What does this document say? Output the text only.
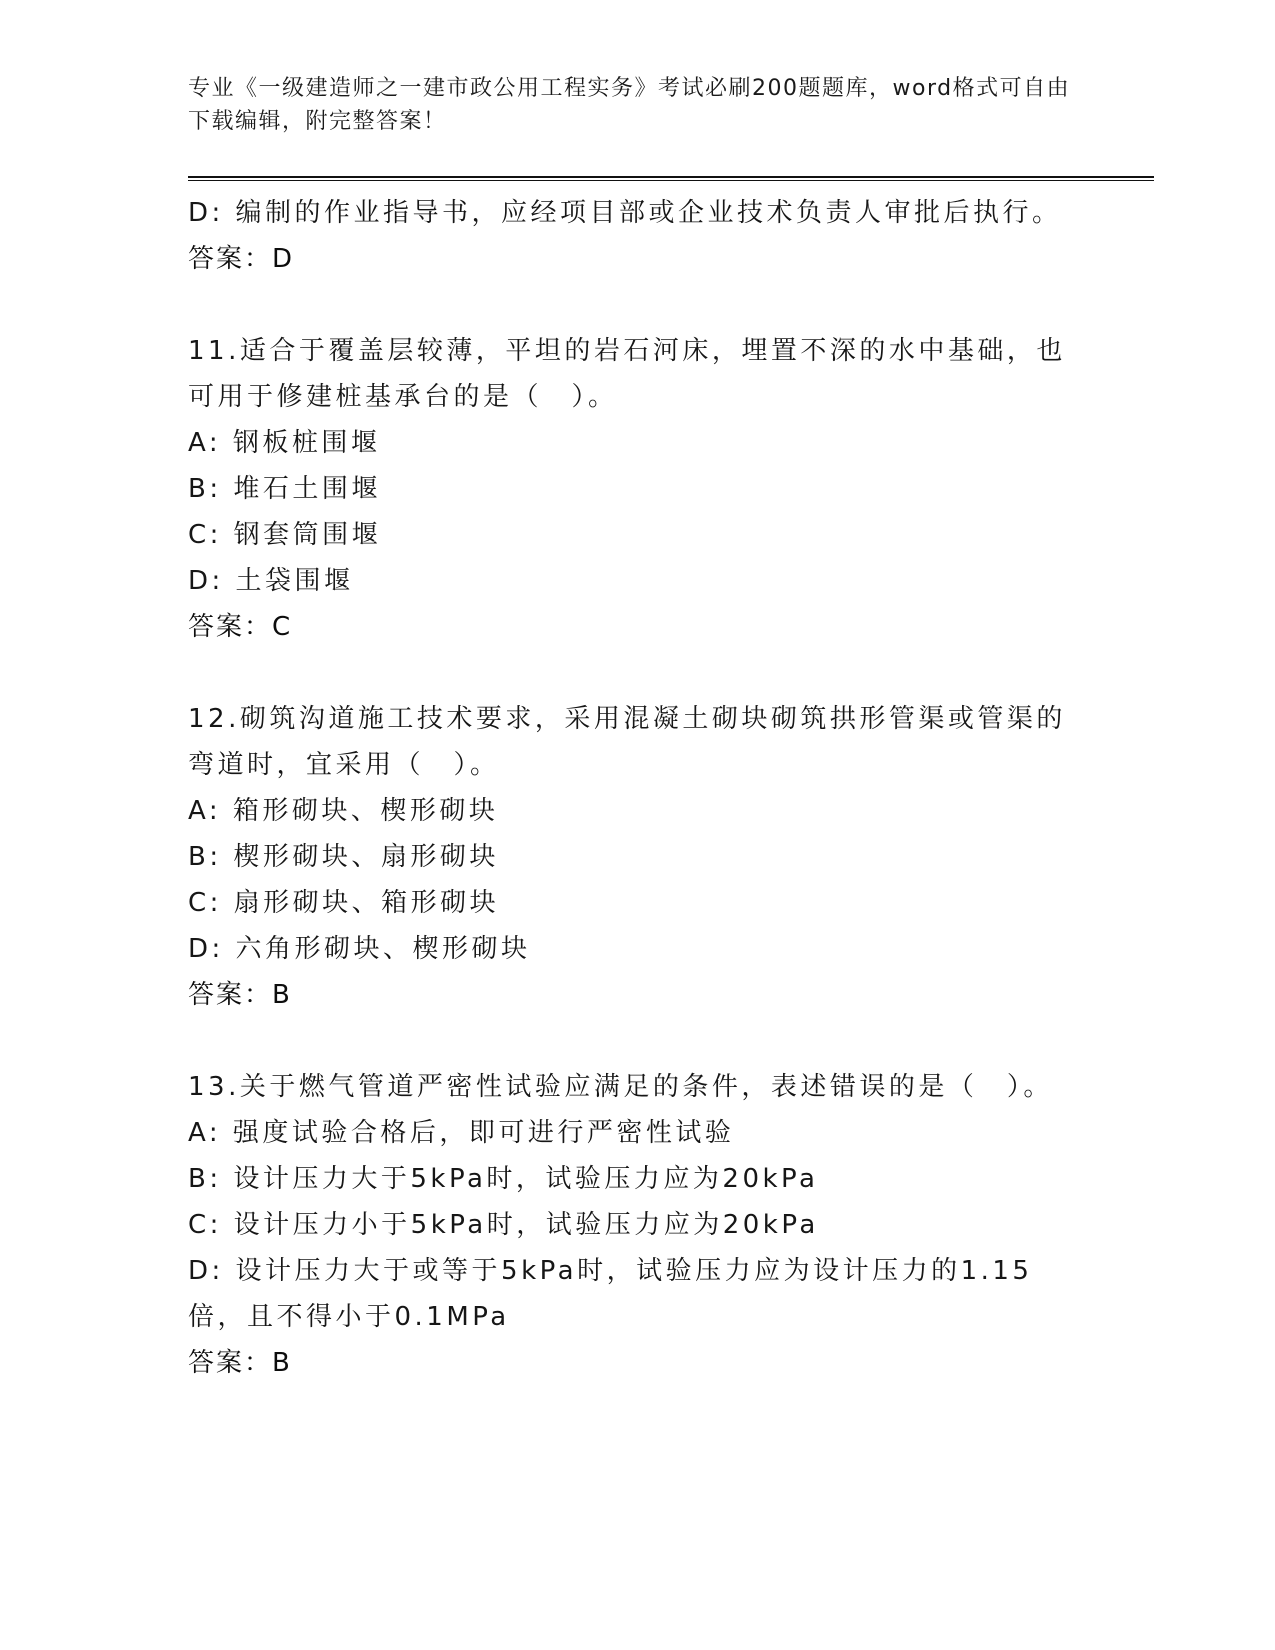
专业《一级建造师之一建市政公用工程实务》考试必刷200题题库，word格式可自由下载编辑，附完整答案！
D: 编制的作业指导书，应经项目部或企业技术负责人审批后执行。
答案：D
11.适合于覆盖层较薄，平坦的岩石河床，埋置不深的水中基础，也可用于修建桩基承台的是（　）。
A: 钢板桩围堰
B: 堆石土围堰
C: 钢套筒围堰
D: 土袋围堰
答案：C
12.砌筑沟道施工技术要求，采用混凝土砌块砌筑拱形管渠或管渠的弯道时，宜采用（　）。
A: 箱形砌块、楔形砌块
B: 楔形砌块、扇形砌块
C: 扇形砌块、箱形砌块
D: 六角形砌块、楔形砌块
答案：B
13.关于燃气管道严密性试验应满足的条件，表述错误的是（　）。
A: 强度试验合格后，即可进行严密性试验
B: 设计压力大于5kPa时，试验压力应为20kPa
C: 设计压力小于5kPa时，试验压力应为20kPa
D: 设计压力大于或等于5kPa时，试验压力应为设计压力的1.15倍，且不得小于0.1MPa
答案：B
